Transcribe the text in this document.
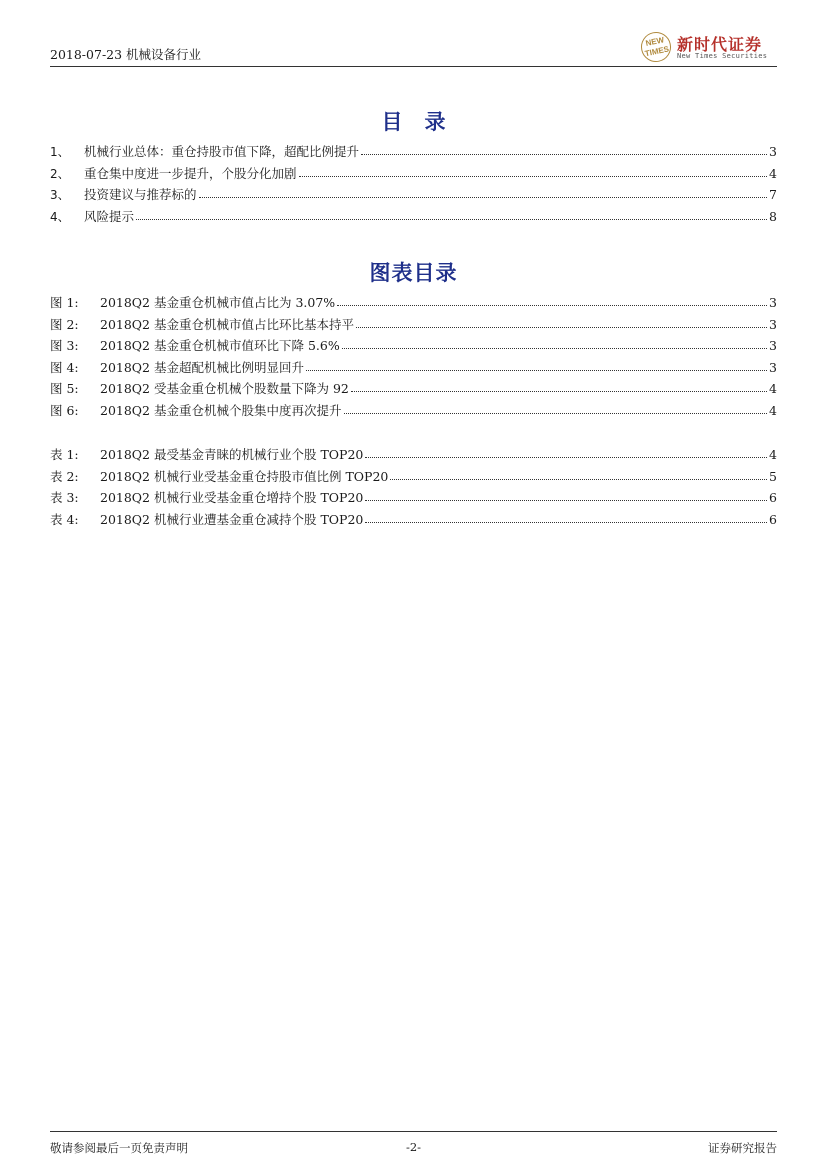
2018-07-23 机械设备行业
NEW TIMES 新时代证券
New Times Securities
目录
1、	机械行业总体：重仓持股市值下降，超配比例提升	3
2、	重仓集中度进一步提升，个股分化加剧	4
3、	投资建议与推荐标的	7
4、	风险提示	8
图表目录
图 1:	2018Q2 基金重仓机械市值占比为 3.07%	3
图 2:	2018Q2 基金重仓机械市值占比环比基本持平	3
图 3:	2018Q2 基金重仓机械市值环比下降 5.6%	3
图 4:	2018Q2 基金超配机械比例明显回升	3
图 5:	2018Q2 受基金重仓机械个股数量下降为 92	4
图 6:	2018Q2 基金重仓机械个股集中度再次提升	4
表 1:	2018Q2 最受基金青睐的机械行业个股 TOP20	4
表 2:	2018Q2 机械行业受基金重仓持股市值比例 TOP20	5
表 3:	2018Q2 机械行业受基金重仓增持个股 TOP20	6
表 4:	2018Q2 机械行业遭基金重仓减持个股 TOP20	6
敬请参阅最后一页免责声明	-2-	证券研究报告
